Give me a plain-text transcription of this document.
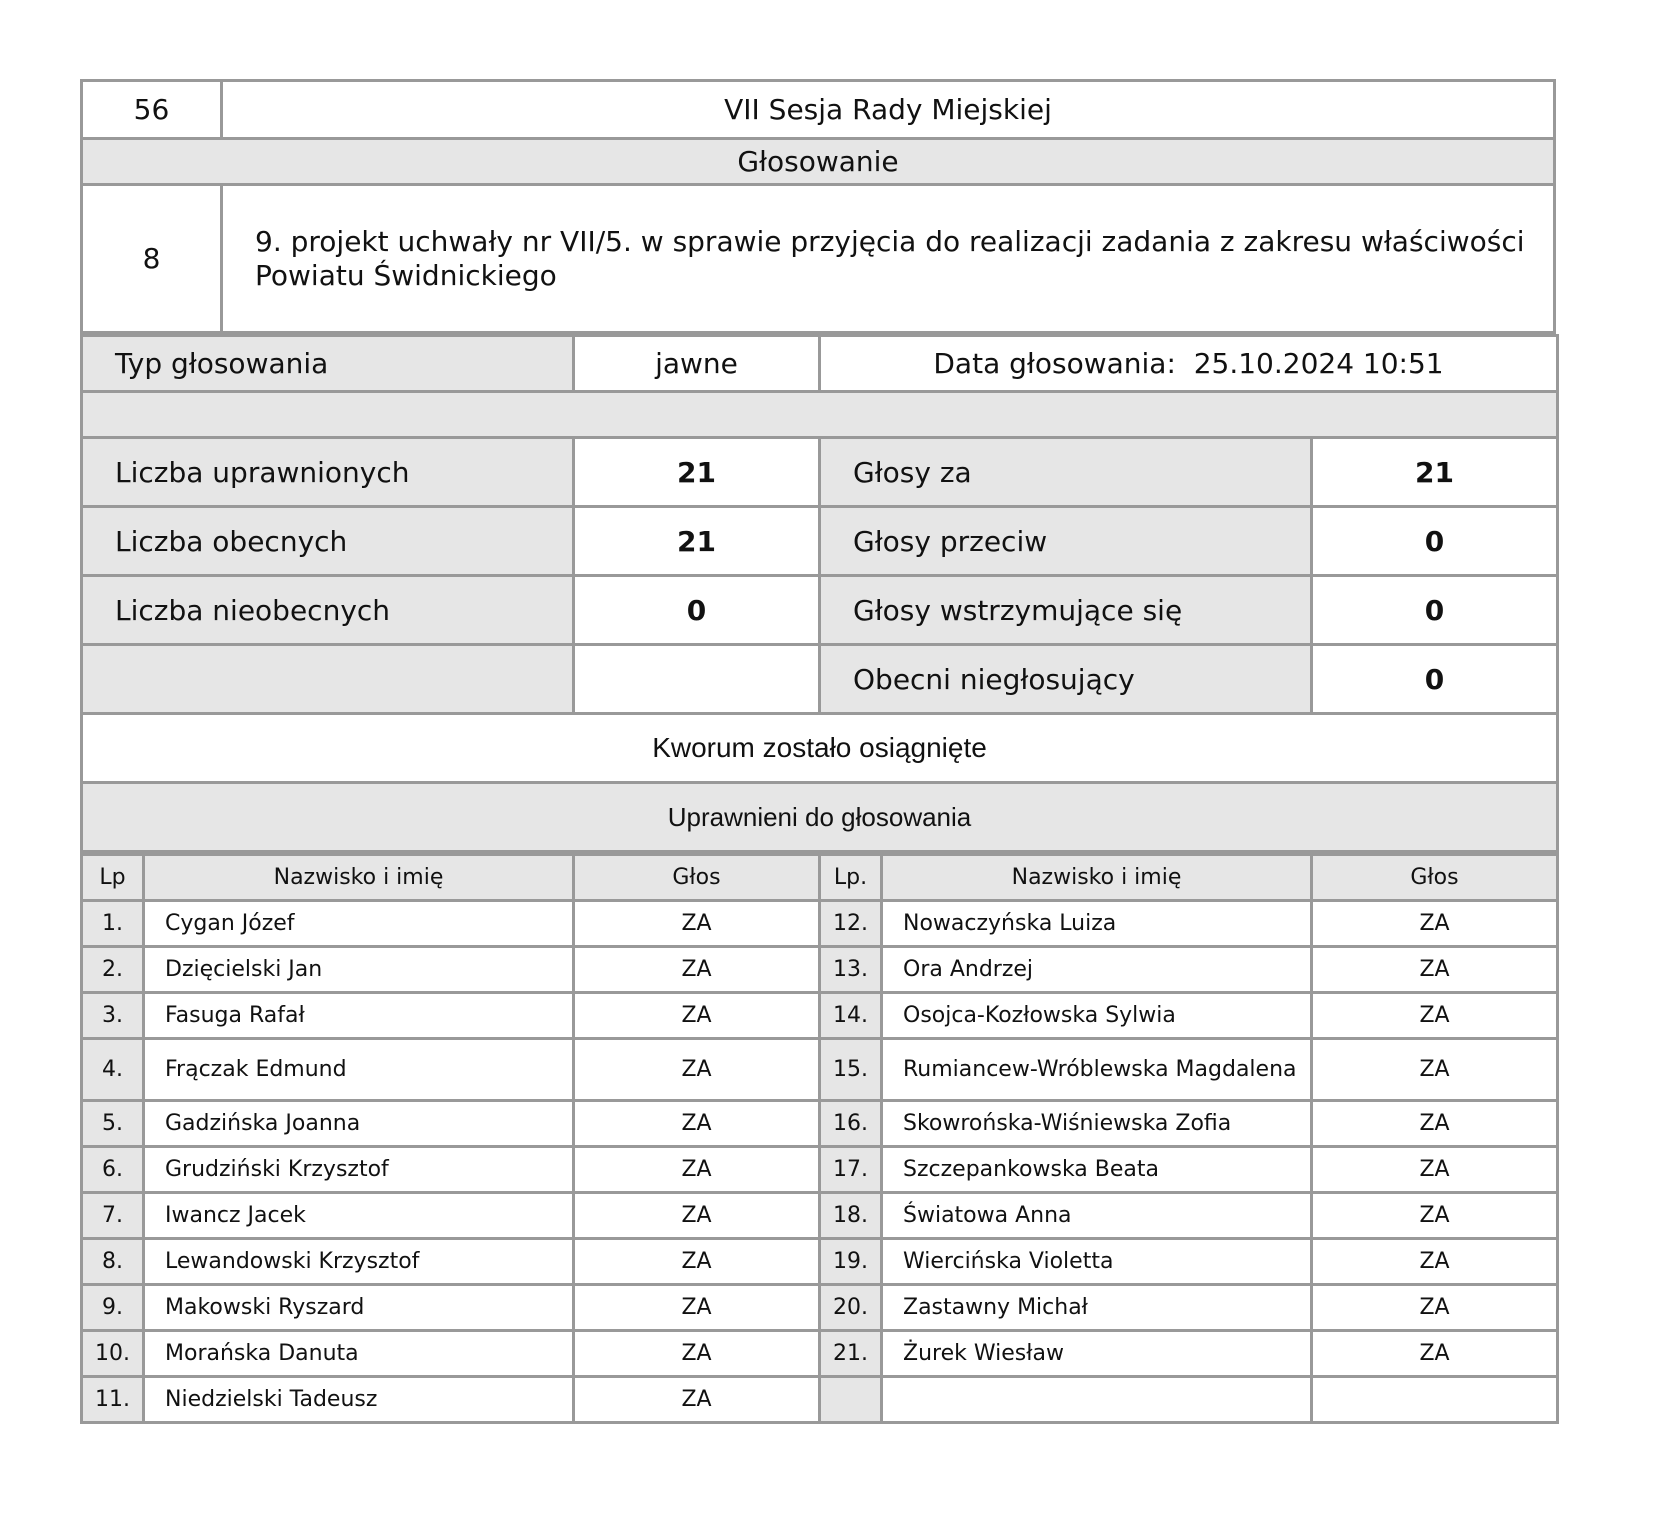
56	VII Sesja Rady Miejskiej
Głosowanie	
8	9. projekt uchwały nr VII/5. w sprawie przyjęcia do realizacji zadania z zakresu właściwości Powiatu Świdnickiego
Typ głosowania	jawne	Data głosowania: 25.10.2024 10:51	

Liczba uprawnionych	21	Głosy za	21
Liczba obecnych	21	Głosy przeciw	0
Liczba nieobecnych	0	Głosy wstrzymujące się	0
		Obecni niegłosujący	0
Kworum zostało osiągnięte			
Uprawnieni do głosowania			
Lp	Nazwisko i imię	Głos	Lp.	Nazwisko i imię	Głos
1.	Cygan Józef	ZA	12.	Nowaczyńska Luiza	ZA
2.	Dzięcielski Jan	ZA	13.	Ora Andrzej	ZA
3.	Fasuga Rafał	ZA	14.	Osojca-Kozłowska Sylwia	ZA
4.	Frączak Edmund	ZA	15.	Rumiancew-Wróblewska Magdalena	ZA
5.	Gadzińska Joanna	ZA	16.	Skowrońska-Wiśniewska Zofia	ZA
6.	Grudziński Krzysztof	ZA	17.	Szczepankowska Beata	ZA
7.	Iwancz Jacek	ZA	18.	Światowa Anna	ZA
8.	Lewandowski Krzysztof	ZA	19.	Wiercińska Violetta	ZA
9.	Makowski Ryszard	ZA	20.	Zastawny Michał	ZA
10.	Morańska Danuta	ZA	21.	Żurek Wiesław	ZA
11.	Niedzielski Tadeusz	ZA			
